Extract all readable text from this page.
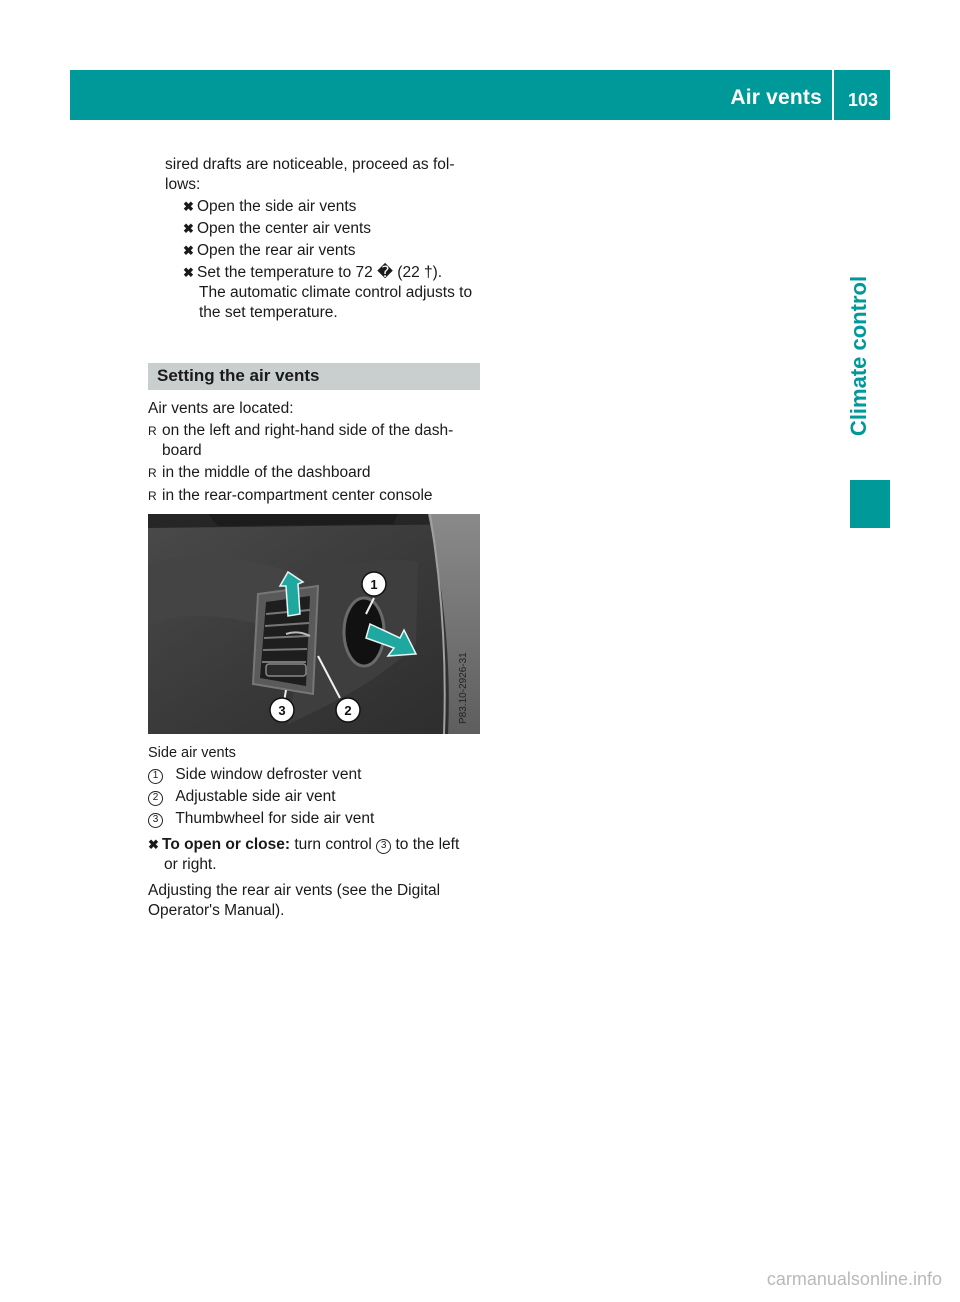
Air vents	103
Climate control
sired drafts are noticeable, proceed as fol-
lows:
✖ Open the side air vents
✖ Open the center air vents
✖ Open the rear air vents
✖ Set the temperature to 72 � (22 †).
The automatic climate control adjusts to
the set temperature.
Setting the air vents
Air vents are located:
R on the left and right-hand side of the dash-
board
R in the middle of the dashboard
R in the rear-compartment center console
1
2
3	P83.10-2926-31
Side air vents
1 Side window defroster vent
2 Adjustable side air vent
3 Thumbwheel for side air vent
✖ To open or close: turn control 3 to the left
or right.
Adjusting the rear air vents (see the Digital
Operator's Manual).
carmanualsonline.info
